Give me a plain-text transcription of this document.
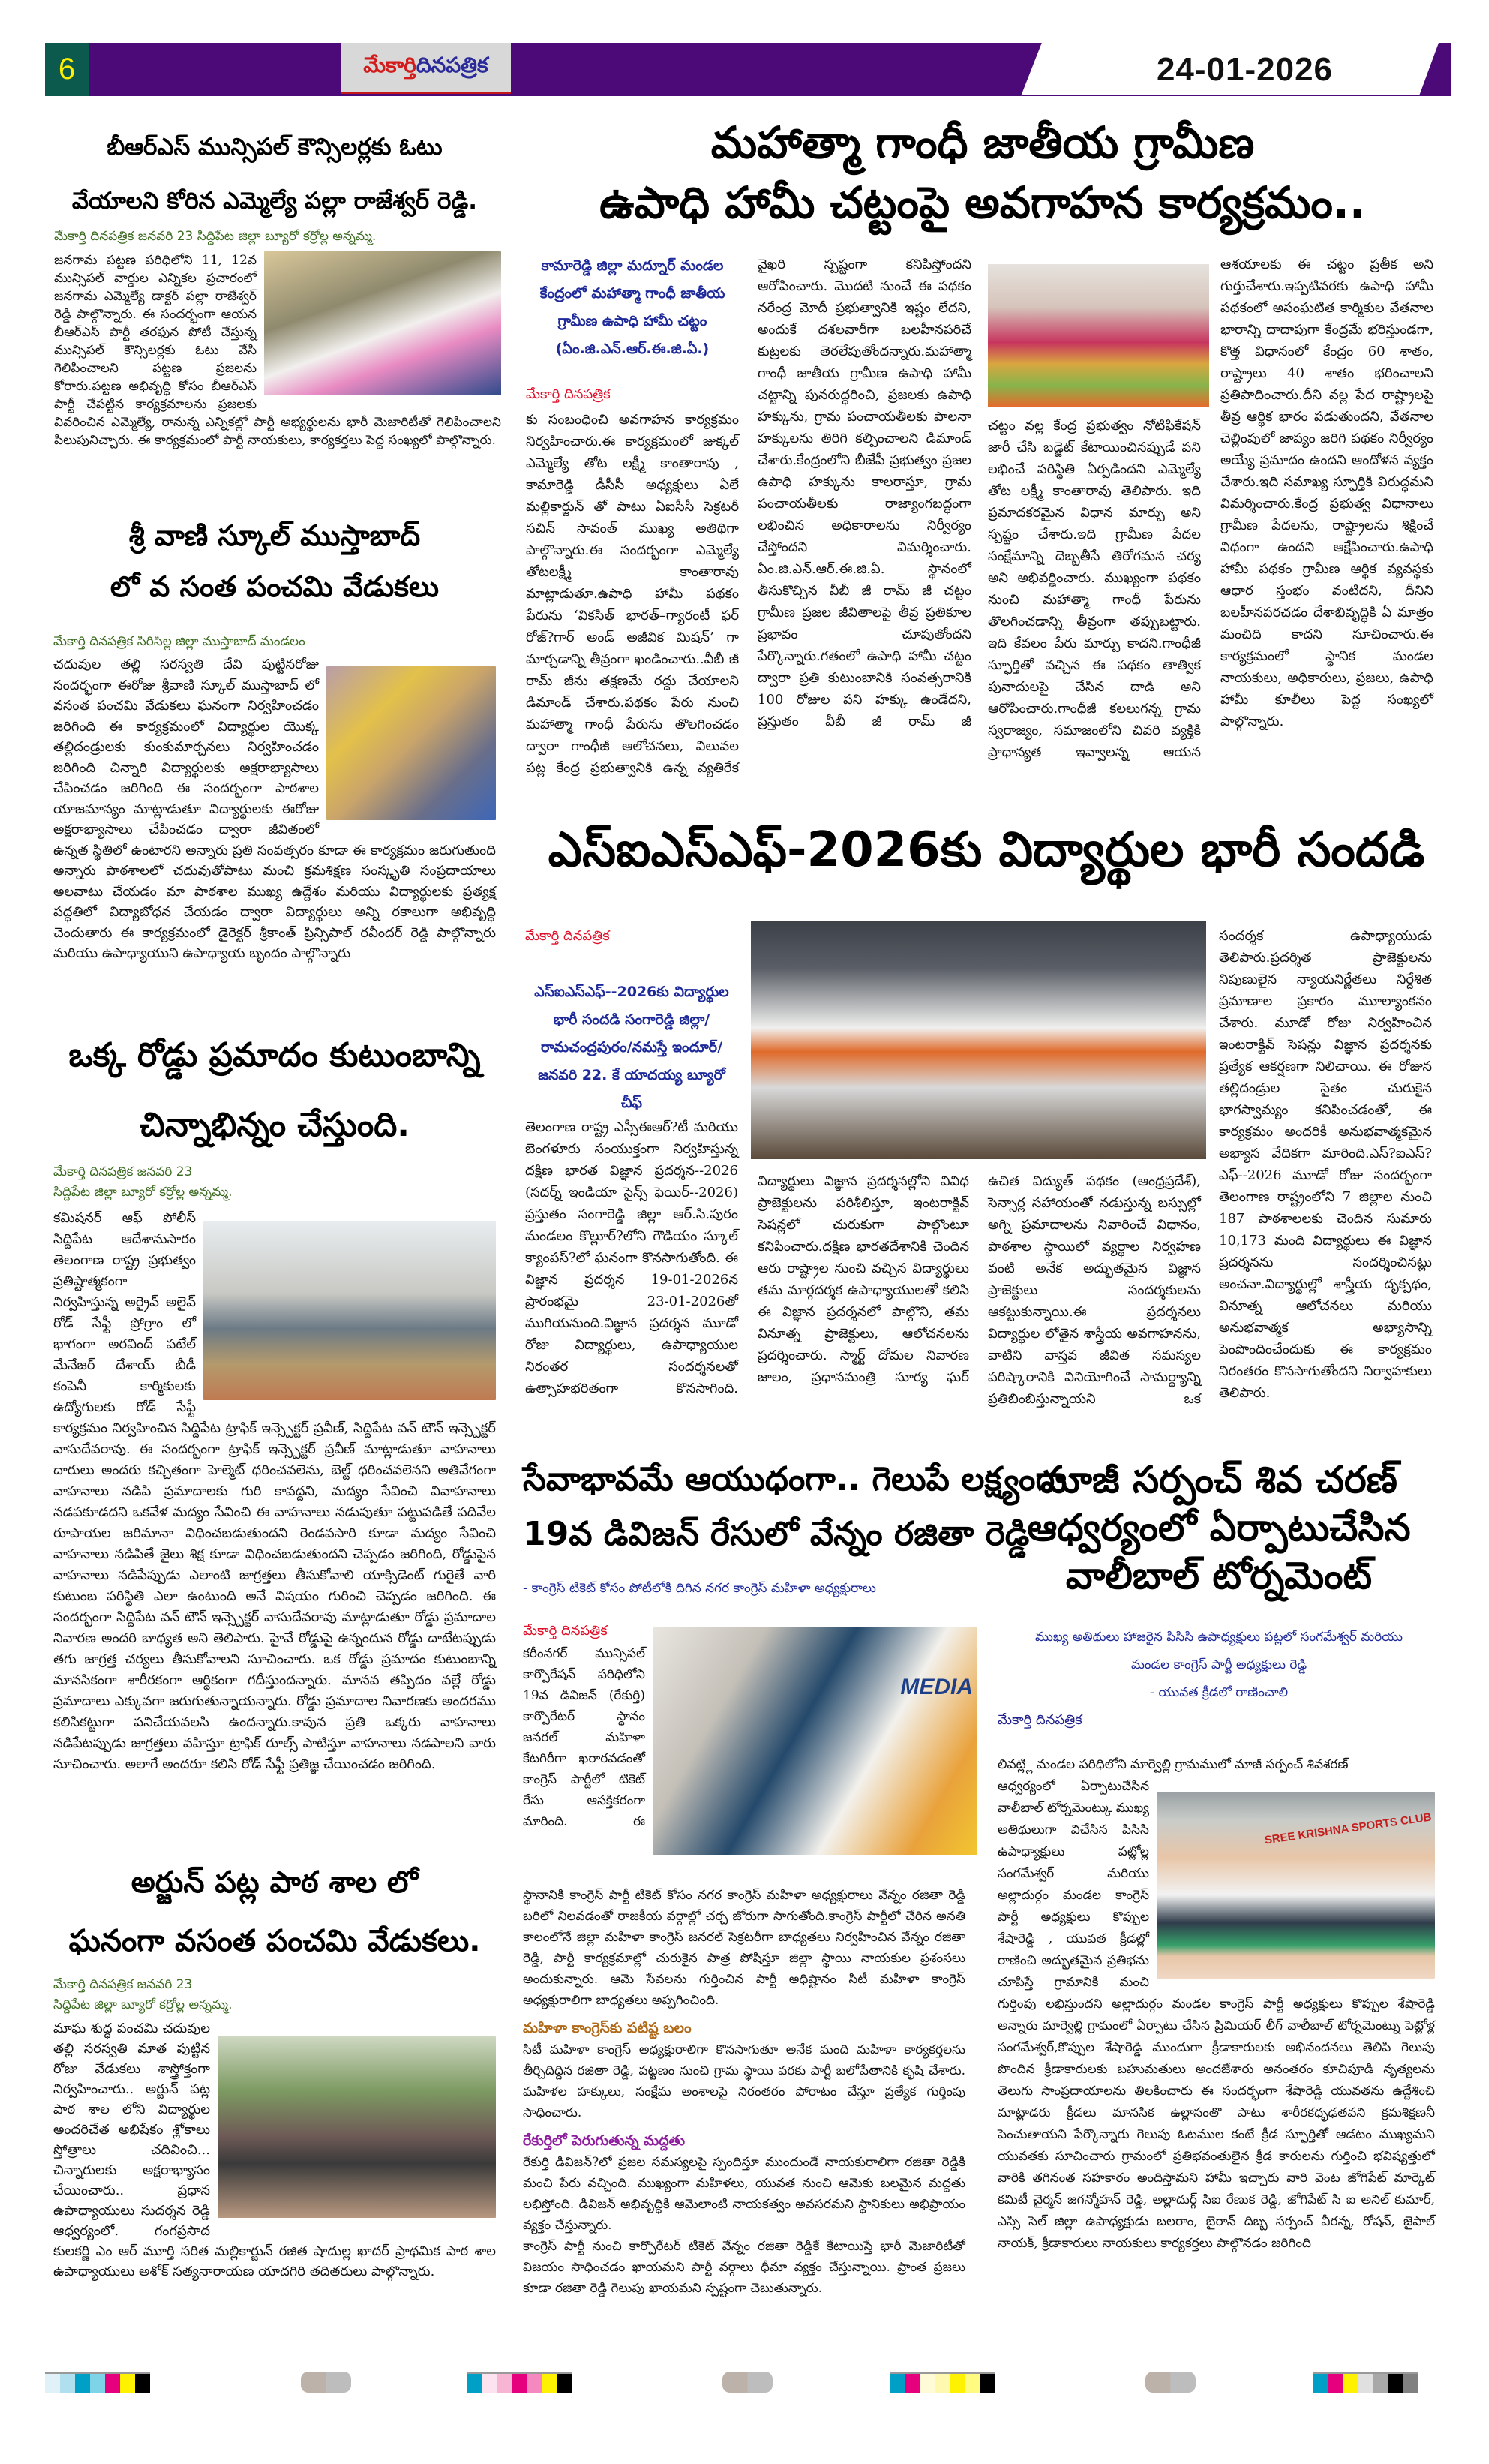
6	మేకార్తి దినపత్రిక	24-01-2026
బీఆర్ఎస్ మున్సిపల్ కౌన్సిలర్లకు ఓటు
వేయాలని కోరిన ఎమ్మెల్యే పల్లా రాజేశ్వర్ రెడ్డి.
మేకార్తి దినపత్రిక జనవరి 23 సిద్దిపేట జిల్లా బ్యూరో కర్రోల్ల అన్నమ్మ.
జనగామ పట్టణ పరిధిలోని 11, 12వ మున్సిపల్ వార్డుల ఎన్నికల ప్రచారంలో జనగామ ఎమ్మెల్యే డాక్టర్ పల్లా రాజేశ్వర్ రెడ్డి పాల్గొన్నారు. ఈ సందర్భంగా ఆయన బీఆర్ఎస్ పార్టీ తరఫున పోటీ చేస్తున్న మున్సిపల్ కౌన్సిలర్లకు ఓటు వేసి గెలిపించాలని పట్టణ ప్రజలను కోరారు.పట్టణ అభివృద్ధి కోసం బీఆర్ఎస్ పార్టీ చేపట్టిన కార్యక్రమాలను ప్రజలకు వివరించిన ఎమ్మెల్యే, రానున్న ఎన్నికల్లో పార్టీ అభ్యర్థులను భారీ మెజారిటీతో గెలిపించాలని పిలుపునిచ్చారు. ఈ కార్యక్రమంలో పార్టీ నాయకులు, కార్యకర్తలు పెద్ద సంఖ్యలో పాల్గొన్నారు.
శ్రీ వాణి స్కూల్ ముస్తాబాద్
లో వ సంత పంచమి వేడుకలు
మేకార్తి దినపత్రిక సిరిసిల్ల జిల్లా ముస్తాబాద్ మండలం
చదువుల తల్లి సరస్వతి దేవి పుట్టినరోజు సందర్భంగా ఈరోజు శ్రీవాణి స్కూల్ ముస్తాబాద్ లో వసంత పంచమి వేడుకలు ఘనంగా నిర్వహించడం జరిగింది ఈ కార్యక్రమంలో విద్యార్థుల యొక్క తల్లిదండ్రులకు కుంకుమార్చనలు నిర్వహించడం జరిగింది చిన్నారి విద్యార్థులకు అక్షరాభ్యాసాలు చేపించడం జరిగింది ఈ సందర్భంగా పాఠశాల యాజమాన్యం మాట్లాడుతూ విద్యార్థులకు ఈరోజు అక్షరాభ్యాసాలు చేపించడం ద్వారా జీవితంలో ఉన్నత స్థితిలో ఉంటారని అన్నారు ప్రతి సంవత్సరం కూడా ఈ కార్యక్రమం జరుగుతుంది అన్నారు పాఠశాలలో చదువుతోపాటు మంచి క్రమశిక్షణ సంస్కృతి సంప్రదాయాలు అలవాటు చేయడం మా పాఠశాల ముఖ్య ఉద్దేశం మరియు విద్యార్థులకు ప్రత్యక్ష పద్ధతిలో విద్యాబోధన చేయడం ద్వారా విద్యార్థులు అన్ని రకాలుగా అభివృద్ధి చెందుతారు ఈ కార్యక్రమంలో డైరెక్టర్ శ్రీకాంత్ ప్రిన్సిపాల్ రవీందర్ రెడ్డి పాల్గొన్నారు మరియు ఉపాధ్యాయుని ఉపాధ్యాయ బృందం పాల్గొన్నారు
ఒక్క రోడ్డు ప్రమాదం కుటుంబాన్ని
చిన్నాభిన్నం చేస్తుంది.
మేకార్తి దినపత్రిక జనవరి 23
సిద్దిపేట జిల్లా బ్యూరో కర్రోల్ల అన్నమ్మ.
కమిషనర్ ఆఫ్ పోలీస్ సిద్దిపేట ఆదేశానుసారం తెలంగాణ రాష్ట్ర ప్రభుత్వం ప్రతిష్టాత్మకంగా నిర్వహిస్తున్న అర్రైవ్ అలైవ్ రోడ్ సేఫ్టీ ప్రోగ్రాం లో భాగంగా అరవింద్ పటేల్ మేనేజర్ దేశాయ్ బీడీ కంపెనీ కార్మికులకు ఉద్యోగులకు రోడ్ సేఫ్టీ కార్యక్రమం నిర్వహించిన సిద్దిపేట ట్రాఫిక్ ఇన్స్పెక్టర్ ప్రవీణ్, సిద్దిపేట వన్ టౌన్ ఇన్స్పెక్టర్ వాసుదేవరావు. ఈ సందర్భంగా ట్రాఫిక్ ఇన్స్పెక్టర్ ప్రవీణ్ మాట్లాడుతూ వాహనాలు దారులు అందరు కచ్చితంగా హెల్మెట్ ధరించవలెను, బెల్ట్ ధరించవలెనని అతివేగంగా వాహనాలు నడిపి ప్రమాదాలకు గురి కావద్దని, మద్యం సేవించి వివాహనాలు నడపకూడదని ఒకవేళ మద్యం సేవించి ఈ వాహనాలు నడుపుతూ పట్టుపడితే పదివేల రూపాయల జరిమానా విధించబడుతుందని రెండవసారి కూడా మద్యం సేవించి వాహనాలు నడిపితే జైలు శిక్ష కూడా విధించబడుతుందని చెప్పడం జరిగింది, రోడ్డుపైన వాహనాలు నడిపేప్పుడు ఎలాంటి జాగ్రత్తలు తీసుకోవాలి యాక్సిడెంట్ గురైతే వారి కుటుంబ పరిస్థితి ఎలా ఉంటుంది అనే విషయం గురించి చెప్పడం జరిగింది. ఈ సందర్భంగా సిద్దిపేట వన్ టౌన్ ఇన్స్పెక్టర్ వాసుదేవరావు మాట్లాడుతూ రోడ్డు ప్రమాదాల నివారణ అందరి బాధ్యత అని తెలిపారు. హైవే రోడ్డుపై ఉన్నందున రోడ్డు దాటేటప్పుడు తగు జాగ్రత్త చర్యలు తీసుకోవాలని సూచించారు. ఒక రోడ్డు ప్రమాదం కుటుంబాన్ని మానసికంగా శారీరకంగా ఆర్థికంగా గదీస్తుందన్నారు. మానవ తప్పిదం వల్లే రోడ్డు ప్రమాదాలు ఎక్కువగా జరుగుతున్నాయన్నారు. రోడ్డు ప్రమాదాల నివారణకు అందరము కలిసికట్టుగా పనిచేయవలసి ఉందన్నారు.కావున ప్రతి ఒక్కరు వాహనాలు నడిపేటప్పుడు జాగ్రత్తలు వహిస్తూ ట్రాఫిక్ రూల్స్ పాటిస్తూ వాహనాలు నడపాలని వారు సూచించారు. అలాగే అందరూ కలిసి రోడ్ సేఫ్టీ ప్రతిజ్ఞ చేయించడం జరిగింది.
అర్జున్ పట్ల పాఠ శాల లో
ఘనంగా వసంత పంచమి వేడుకలు.
మేకార్తి దినపత్రిక జనవరి 23
సిద్దిపేట జిల్లా బ్యూరో కర్రోల్ల అన్నమ్మ.
మాఘ శుద్ధ పంచమి చదువుల తల్లి సరస్వతి మాత పుట్టిన రోజు వేడుకలు శాస్త్రోక్తంగా నిర్వహించారు.. అర్జున్ పట్ల పాఠ శాల లోని విద్యార్థుల అందరిచేత అభిషేకం శ్లోకాలు స్తోత్రాలు చదివించి... చిన్నారులకు అక్షరాభ్యాసం చేయించారు.. ప్రధాన ఉపాధ్యాయులు సుదర్శన రెడ్డి ఆధ్వర్యంలో. గంగప్రసాద కులకర్ణి ఎం ఆర్ మూర్తి సరిత మల్లికార్జున్ రజిత షాదుల్ల ఖాదర్ ప్రాథమిక పాఠ శాల ఉపాధ్యాయులు అశోక్ సత్యనారాయణ యాదగిరి తదితరులు పాల్గొన్నారు.
మహాత్మా గాంధీ జాతీయ గ్రామీణ
ఉపాధి హామీ చట్టంపై అవగాహన కార్యక్రమం..
కామారెడ్డి జిల్లా మద్నూర్ మండల కేంద్రంలో మహాత్మా గాంధీ జాతీయ గ్రామీణ ఉపాధి హామీ చట్టం (ఏం.జి.ఎన్.ఆర్.ఈ.జి.ఏ.)
మేకార్తి దినపత్రిక
కు సంబంధించి అవగాహన కార్యక్రమం నిర్వహించారు.ఈ కార్యక్రమంలో జుక్కల్ ఎమ్మెల్యే తోట లక్ష్మీ కాంతారావు , కామారెడ్డి డీసీసీ అధ్యక్షులు ఏలే మల్లికార్జున్ తో పాటు ఏఐసీసీ సెక్రటరీ సచిన్ సావంత్ ముఖ్య అతిథిగా పాల్గొన్నారు.ఈ సందర్భంగా ఎమ్మెల్యే తోటలక్ష్మీ కాంతారావు మాట్లాడుతూ.ఉపాధి హామీ పథకం పేరును ‘వికసిత్ భారత్–గ్యారంటీ ఫర్ రోజ్?గార్ అండ్ అజీవిక మిషన్’ గా మార్చడాన్ని తీవ్రంగా ఖండించారు..వీబీ జీ రామ్ జీను తక్షణమే రద్దు చేయాలని డిమాండ్ చేశారు.పథకం పేరు నుంచి మహాత్మా గాంధీ పేరును తొలగించడం ద్వారా గాంధీజీ ఆలోచనలు, విలువల పట్ల కేంద్ర ప్రభుత్వానికి ఉన్న వ్యతిరేక
వైఖరి స్పష్టంగా కనిపిస్తోందని ఆరోపించారు. మొదటి నుంచే ఈ పథకం నరేంద్ర మోదీ ప్రభుత్వానికి ఇష్టం లేదని, అందుకే దశలవారీగా బలహీనపరిచే కుట్రలకు తెరలేపుతోందన్నారు.మహాత్మా గాంధీ జాతీయ గ్రామీణ ఉపాధి హామీ చట్టాన్ని పునరుద్ధరించి, ప్రజలకు ఉపాధి హక్కును, గ్రామ పంచాయతీలకు పాలనా హక్కులను తిరిగి కల్పించాలని డిమాండ్ చేశారు.కేంద్రంలోని బీజేపీ ప్రభుత్వం ప్రజల ఉపాధి హక్కును కాలరాస్తూ, గ్రామ పంచాయతీలకు రాజ్యాంగబద్ధంగా లభించిన అధికారాలను నిర్వీర్యం చేస్తోందని విమర్శించారు. ఏం.జి.ఎన్.ఆర్.ఈ.జి.ఏ. స్థానంలో తీసుకొచ్చిన వీబీ జీ రామ్ జీ చట్టం గ్రామీణ ప్రజల జీవితాలపై తీవ్ర ప్రతికూల ప్రభావం చూపుతోందని పేర్కొన్నారు.గతంలో ఉపాధి హామీ చట్టం ద్వారా ప్రతి కుటుంబానికి సంవత్సరానికి 100 రోజుల పని హక్కు ఉండేదని, ప్రస్తుతం వీబీ జీ రామ్ జీ
చట్టం వల్ల కేంద్ర ప్రభుత్వం నోటిఫికేషన్ జారీ చేసి బడ్జెట్ కేటాయించినప్పుడే పని లభించే పరిస్థితి ఏర్పడిందని ఎమ్మెల్యే తోట లక్ష్మీ కాంతారావు తెలిపారు. ఇది ప్రమాదకరమైన విధాన మార్పు అని స్పష్టం చేశారు.ఇది గ్రామీణ పేదల సంక్షేమాన్ని దెబ్బతీసే తిరోగమన చర్య అని అభివర్ణించారు. ముఖ్యంగా పథకం నుంచి మహాత్మా గాంధీ పేరును తొలగించడాన్ని తీవ్రంగా తప్పుబట్టారు. ఇది కేవలం పేరు మార్పు కాదని.గాంధీజీ స్ఫూర్తితో వచ్చిన ఈ పథకం తాత్విక పునాదులపై చేసిన దాడి అని ఆరోపించారు.గాంధీజీ కలలుగన్న గ్రామ స్వరాజ్యం, సమాజంలోని చివరి వ్యక్తికి ప్రాధాన్యత ఇవ్వాలన్న ఆయన
ఆశయాలకు ఈ చట్టం ప్రతీక అని గుర్తుచేశారు.ఇప్పటివరకు ఉపాధి హామీ పథకంలో అసంఘటిత కార్మికుల వేతనాల భారాన్ని దాదాపుగా కేంద్రమే భరిస్తుండగా, కొత్త విధానంలో కేంద్రం 60 శాతం, రాష్ట్రాలు 40 శాతం భరించాలని ప్రతిపాదించారు.దీని వల్ల పేద రాష్ట్రాలపై తీవ్ర ఆర్థిక భారం పడుతుందని, వేతనాల చెల్లింపులో జాప్యం జరిగి పథకం నిర్వీర్యం అయ్యే ప్రమాదం ఉందని ఆందోళన వ్యక్తం చేశారు.ఇది సమాఖ్య స్ఫూర్తికి విరుద్ధమని విమర్శించారు.కేంద్ర ప్రభుత్వ విధానాలు గ్రామీణ పేదలను, రాష్ట్రాలను శిక్షించే విధంగా ఉందని ఆక్షేపించారు.ఉపాధి హామీ పథకం గ్రామీణ ఆర్థిక వ్యవస్థకు ఆధార స్తంభం వంటిదని, దీనిని బలహీనపరచడం దేశాభివృద్ధికి ఏ మాత్రం మంచిది కాదని సూచించారు.ఈ కార్యక్రమంలో స్థానిక మండల నాయకులు, అధికారులు, ప్రజలు, ఉపాధి హామీ కూలీలు పెద్ద సంఖ్యలో పాల్గొన్నారు.
ఎస్ఐఎస్ఎఫ్-2026కు విద్యార్థుల భారీ సందడి
మేకార్తి దినపత్రిక
ఎస్ఐఎస్ఎఫ్--2026కు విద్యార్థుల భారీ సందడి సంగారెడ్డి జిల్లా/రామచంద్రపురం/నమస్తే ఇందూర్/జనవరి 22. కే యాదయ్య బ్యూరో చీఫ్
తెలంగాణ రాష్ట్ర ఎస్సీఈఆర్?టీ మరియు బెంగళూరు సంయుక్తంగా నిర్వహిస్తున్న దక్షిణ భారత విజ్ఞాన ప్రదర్శన--2026 (సదర్న్ ఇండియా సైన్స్ ఫెయిర్--2026) ప్రస్తుతం సంగారెడ్డి జిల్లా ఆర్.సి.పురం మండలం కొల్లూర్?లోని గౌడియం స్కూల్ క్యాంపస్?లో ఘనంగా కొనసాగుతోంది. ఈ విజ్ఞాన ప్రదర్శన 19-01-2026న ప్రారంభమై 23-01-2026తో ముగియనుంది.విజ్ఞాన ప్రదర్శన మూడో రోజు విద్యార్థులు, ఉపాధ్యాయుల నిరంతర సందర్శనలతో ఉత్సాహభరితంగా కొనసాగింది.
విద్యార్థులు విజ్ఞాన ప్రదర్శనల్లోని వివిధ ప్రాజెక్టులను పరిశీలిస్తూ, ఇంటరాక్టివ్ సెషన్లలో చురుకుగా పాల్గొంటూ కనిపించారు.దక్షిణ భారతదేశానికి చెందిన ఆరు రాష్ట్రాల నుంచి వచ్చిన విద్యార్థులు తమ మార్గదర్శక ఉపాధ్యాయులతో కలిసి ఈ విజ్ఞాన ప్రదర్శనలో పాల్గొని, తమ వినూత్న ప్రాజెక్టులు, ఆలోచనలను ప్రదర్శించారు. స్మార్ట్ దోమల నివారణ జాలం, ప్రధానమంత్రి సూర్య ఘర్
ఉచిత విద్యుత్ పథకం (ఆంధ్రప్రదేశ్), సెన్సార్ల సహాయంతో నడుస్తున్న బస్సుల్లో అగ్ని ప్రమాదాలను నివారించే విధానం, పాఠశాల స్థాయిలో వ్యర్థాల నిర్వహణ వంటి అనేక అద్భుతమైన విజ్ఞాన ప్రాజెక్టులు సందర్శకులను ఆకట్టుకున్నాయి.ఈ ప్రదర్శనలు విద్యార్థుల లోతైన శాస్త్రీయ అవగాహనను, వాటిని వాస్తవ జీవిత సమస్యల పరిష్కారానికి వినియోగించే సామర్థ్యాన్ని ప్రతిబింబిస్తున్నాయని ఒక
సందర్శక ఉపాధ్యాయుడు తెలిపారు.ప్రదర్శిత ప్రాజెక్టులను నిపుణులైన న్యాయనిర్ణేతలు నిర్దేశిత ప్రమాణాల ప్రకారం మూల్యాంకనం చేశారు. మూడో రోజు నిర్వహించిన ఇంటరాక్టివ్ సెషన్లు విజ్ఞాన ప్రదర్శనకు ప్రత్యేక ఆకర్షణగా నిలిచాయి. ఈ రోజున తల్లిదండ్రుల సైతం చురుకైన భాగస్వామ్యం కనిపించడంతో, ఈ కార్యక్రమం అందరికీ అనుభవాత్మకమైన అభ్యాస వేదికగా మారింది.ఎస్?ఐఎస్?ఎఫ్--2026 మూడో రోజు సందర్భంగా తెలంగాణ రాష్ట్రంలోని 7 జిల్లాల నుంచి 187 పాఠశాలలకు చెందిన సుమారు 10,173 మంది విద్యార్థులు ఈ విజ్ఞాన ప్రదర్శనను సందర్శించినట్లు అంచనా.విద్యార్థుల్లో శాస్త్రీయ దృక్పథం, వినూత్న ఆలోచనలు మరియు అనుభవాత్మక అభ్యాసాన్ని పెంపొందించేందుకు ఈ కార్యక్రమం నిరంతరం కొనసాగుతోందని నిర్వాహకులు తెలిపారు.
సేవాభావమే ఆయుధంగా.. గెలుపే లక్ష్యంగా
19వ డివిజన్ రేసులో వేన్నం రజితా రెడ్డి
- కాంగ్రెస్ టికెట్ కోసం పోటీలోకి దిగిన నగర కాంగ్రెస్ మహిళా అధ్యక్షురాలు
మేకార్తి దినపత్రిక
కరీంనగర్ మున్సిపల్ కార్పొరేషన్ పరిధిలోని 19వ డివిజన్ (రేకుర్తి) కార్పొరేటర్ స్థానం జనరల్ మహిళా కేటగిరీగా ఖరారవడంతో కాంగ్రెస్ పార్టీలో టికెట్ రేసు ఆసక్తికరంగా మారింది. ఈ
MEDIA
స్థానానికి కాంగ్రెస్ పార్టీ టికెట్ కోసం నగర కాంగ్రెస్ మహిళా అధ్యక్షురాలు వేన్నం రజితా రెడ్డి బరిలో నిలవడంతో రాజకీయ వర్గాల్లో చర్చ జోరుగా సాగుతోంది.కాంగ్రెస్ పార్టీలో చేరిన అనతి కాలంలోనే జిల్లా మహిళా కాంగ్రెస్ జనరల్ సెక్రటరీగా బాధ్యతలు నిర్వహించిన వేన్నం రజితా రెడ్డి, పార్టీ కార్యక్రమాల్లో చురుకైన పాత్ర పోషిస్తూ జిల్లా స్థాయి నాయకుల ప్రశంసలు అందుకున్నారు. ఆమె సేవలను గుర్తించిన పార్టీ అధిష్టానం సిటీ మహిళా కాంగ్రెస్ అధ్యక్షురాలిగా బాధ్యతలు అప్పగించింది.
మహిళా కాంగ్రెస్‌కు పటిష్ట బలం
సిటీ మహిళా కాంగ్రెస్ అధ్యక్షురాలిగా కొనసాగుతూ అనేక మంది మహిళా కార్యకర్తలను తీర్చిదిద్దిన రజితా రెడ్డి, పట్టణం నుంచి గ్రామ స్థాయి వరకు పార్టీ బలోపేతానికి కృషి చేశారు. మహిళల హక్కులు, సంక్షేమ అంశాలపై నిరంతరం పోరాటం చేస్తూ ప్రత్యేక గుర్తింపు సాధించారు.
రేకుర్తిలో పెరుగుతున్న మద్దతు
రేకుర్తి డివిజన్?లో ప్రజల సమస్యలపై స్పందిస్తూ ముందుండే నాయకురాలిగా రజితా రెడ్డికి మంచి పేరు వచ్చింది. ముఖ్యంగా మహిళలు, యువత నుంచి ఆమెకు బలమైన మద్దతు లభిస్తోంది. డివిజన్ అభివృద్ధికి ఆమెలాంటి నాయకత్వం అవసరమని స్థానికులు అభిప్రాయం వ్యక్తం చేస్తున్నారు.
కాంగ్రెస్ పార్టీ నుంచి కార్పొరేటర్ టికెట్ వేన్నం రజితా రెడ్డికే కేటాయిస్తే భారీ మెజారిటీతో విజయం సాధించడం ఖాయమని పార్టీ వర్గాలు ధీమా వ్యక్తం చేస్తున్నాయి. ప్రాంత ప్రజలు కూడా రజితా రెడ్డి గెలుపు ఖాయమని స్పష్టంగా చెబుతున్నారు.
మాజీ సర్పంచ్ శివ చరణ్
ఆధ్వర్యంలో ఏర్పాటుచేసిన
వాలీబాల్ టోర్నమెంట్
ముఖ్య అతిథులు హాజరైన పిసిసి ఉపాధ్యక్షులు పట్లలో సంగమేశ్వర్ మరియు
మండల కాంగ్రెస్ పార్టీ అధ్యక్షులు రెడ్డి
- యువత క్రీడలో రాణించాలి
మేకార్తి దినపత్రిక
లివట్ల్లి మండల పరిధిలోని మార్వెల్లి గ్రామములో మాజీ సర్పంచ్ శివశరణ్
SREE KRISHNA SPORTS CLUB
ఆధ్వర్యంలో ఏర్పాటుచేసిన వాలీబాల్ టోర్నమెంట్కు ముఖ్య అతిథులుగా విచేసిన పిసిసి ఉపాధ్యాక్షులు పట్లోల్ల సంగమేశ్వర్ మరియు అల్లాదుర్గం మండల కాంగ్రెస్ పార్టీ అధ్యక్షులు కొప్పుల శేషారెడ్డి , యువత క్రీడల్లో రాణించి అద్భుతమైన ప్రతిభను చూపిస్తే గ్రామానికి మంచి గుర్తింపు లభిస్తుందని అల్లాదుర్గం మండల కాంగ్రెస్ పార్టీ అధ్యక్షులు కొప్పుల శేషారెడ్డి అన్నారు మార్వెల్లి గ్రామంలో ఏర్పాటు చేసిన ప్రిమియర్ లీగ్ వాలీబాల్ టోర్నమెంట్ను పెట్లోళ్ల సంగమేశ్వర్,కొప్పుల శేషారెడ్డి ముందుగా క్రీడాకారులకు అభినందనలు తెలిపి గెలుపు పొందిన క్రీడాకారులకు బహుమతులు అందజేశారు అనంతరం కూచిపూడి నృత్యలను తెలుగు సాంప్రదాయాలను తిలకించారు ఈ సందర్భంగా శేషారెడ్డి యువతను ఉద్దేశించి మాట్లాడరు క్రీడలు మానసిక ఉల్లాసంతొ పాటు శారీరకధృఢతవని క్రమశిక్షణనీ పెంచుతాయని పేర్కొన్నారు గెలుపు ఓటముల కంటే క్రీడ స్ఫూర్తితో ఆడటం ముఖ్యమని యువతకు సూచించారు గ్రామంలో ప్రతిభవంతులైన క్రీడ కారులను గుర్తించి భవిష్యత్తులో వారికి తగినంత సహకారం అందిస్తామని హామీ ఇచ్చారు వారి వెంట జోగిపేట్ మార్కెట్ కమిటీ చైర్మన్ జగన్మోహన్ రెడ్డి, అల్లాదుర్గ్ సిఐ రేణుక రెడ్డి, జోగిపేట్ సి ఐ అనిల్ కుమార్, ఎస్సి సెల్ జిల్లా ఉపాధ్యక్షుడు బలరాం, బైరాన్ దిబ్బ సర్పంచ్ వీరన్న, రోషన్, జైపాల్ నాయక్, క్రీడాకారులు నాయకులు కార్యకర్తలు పాల్గొనడం జరిగింది
